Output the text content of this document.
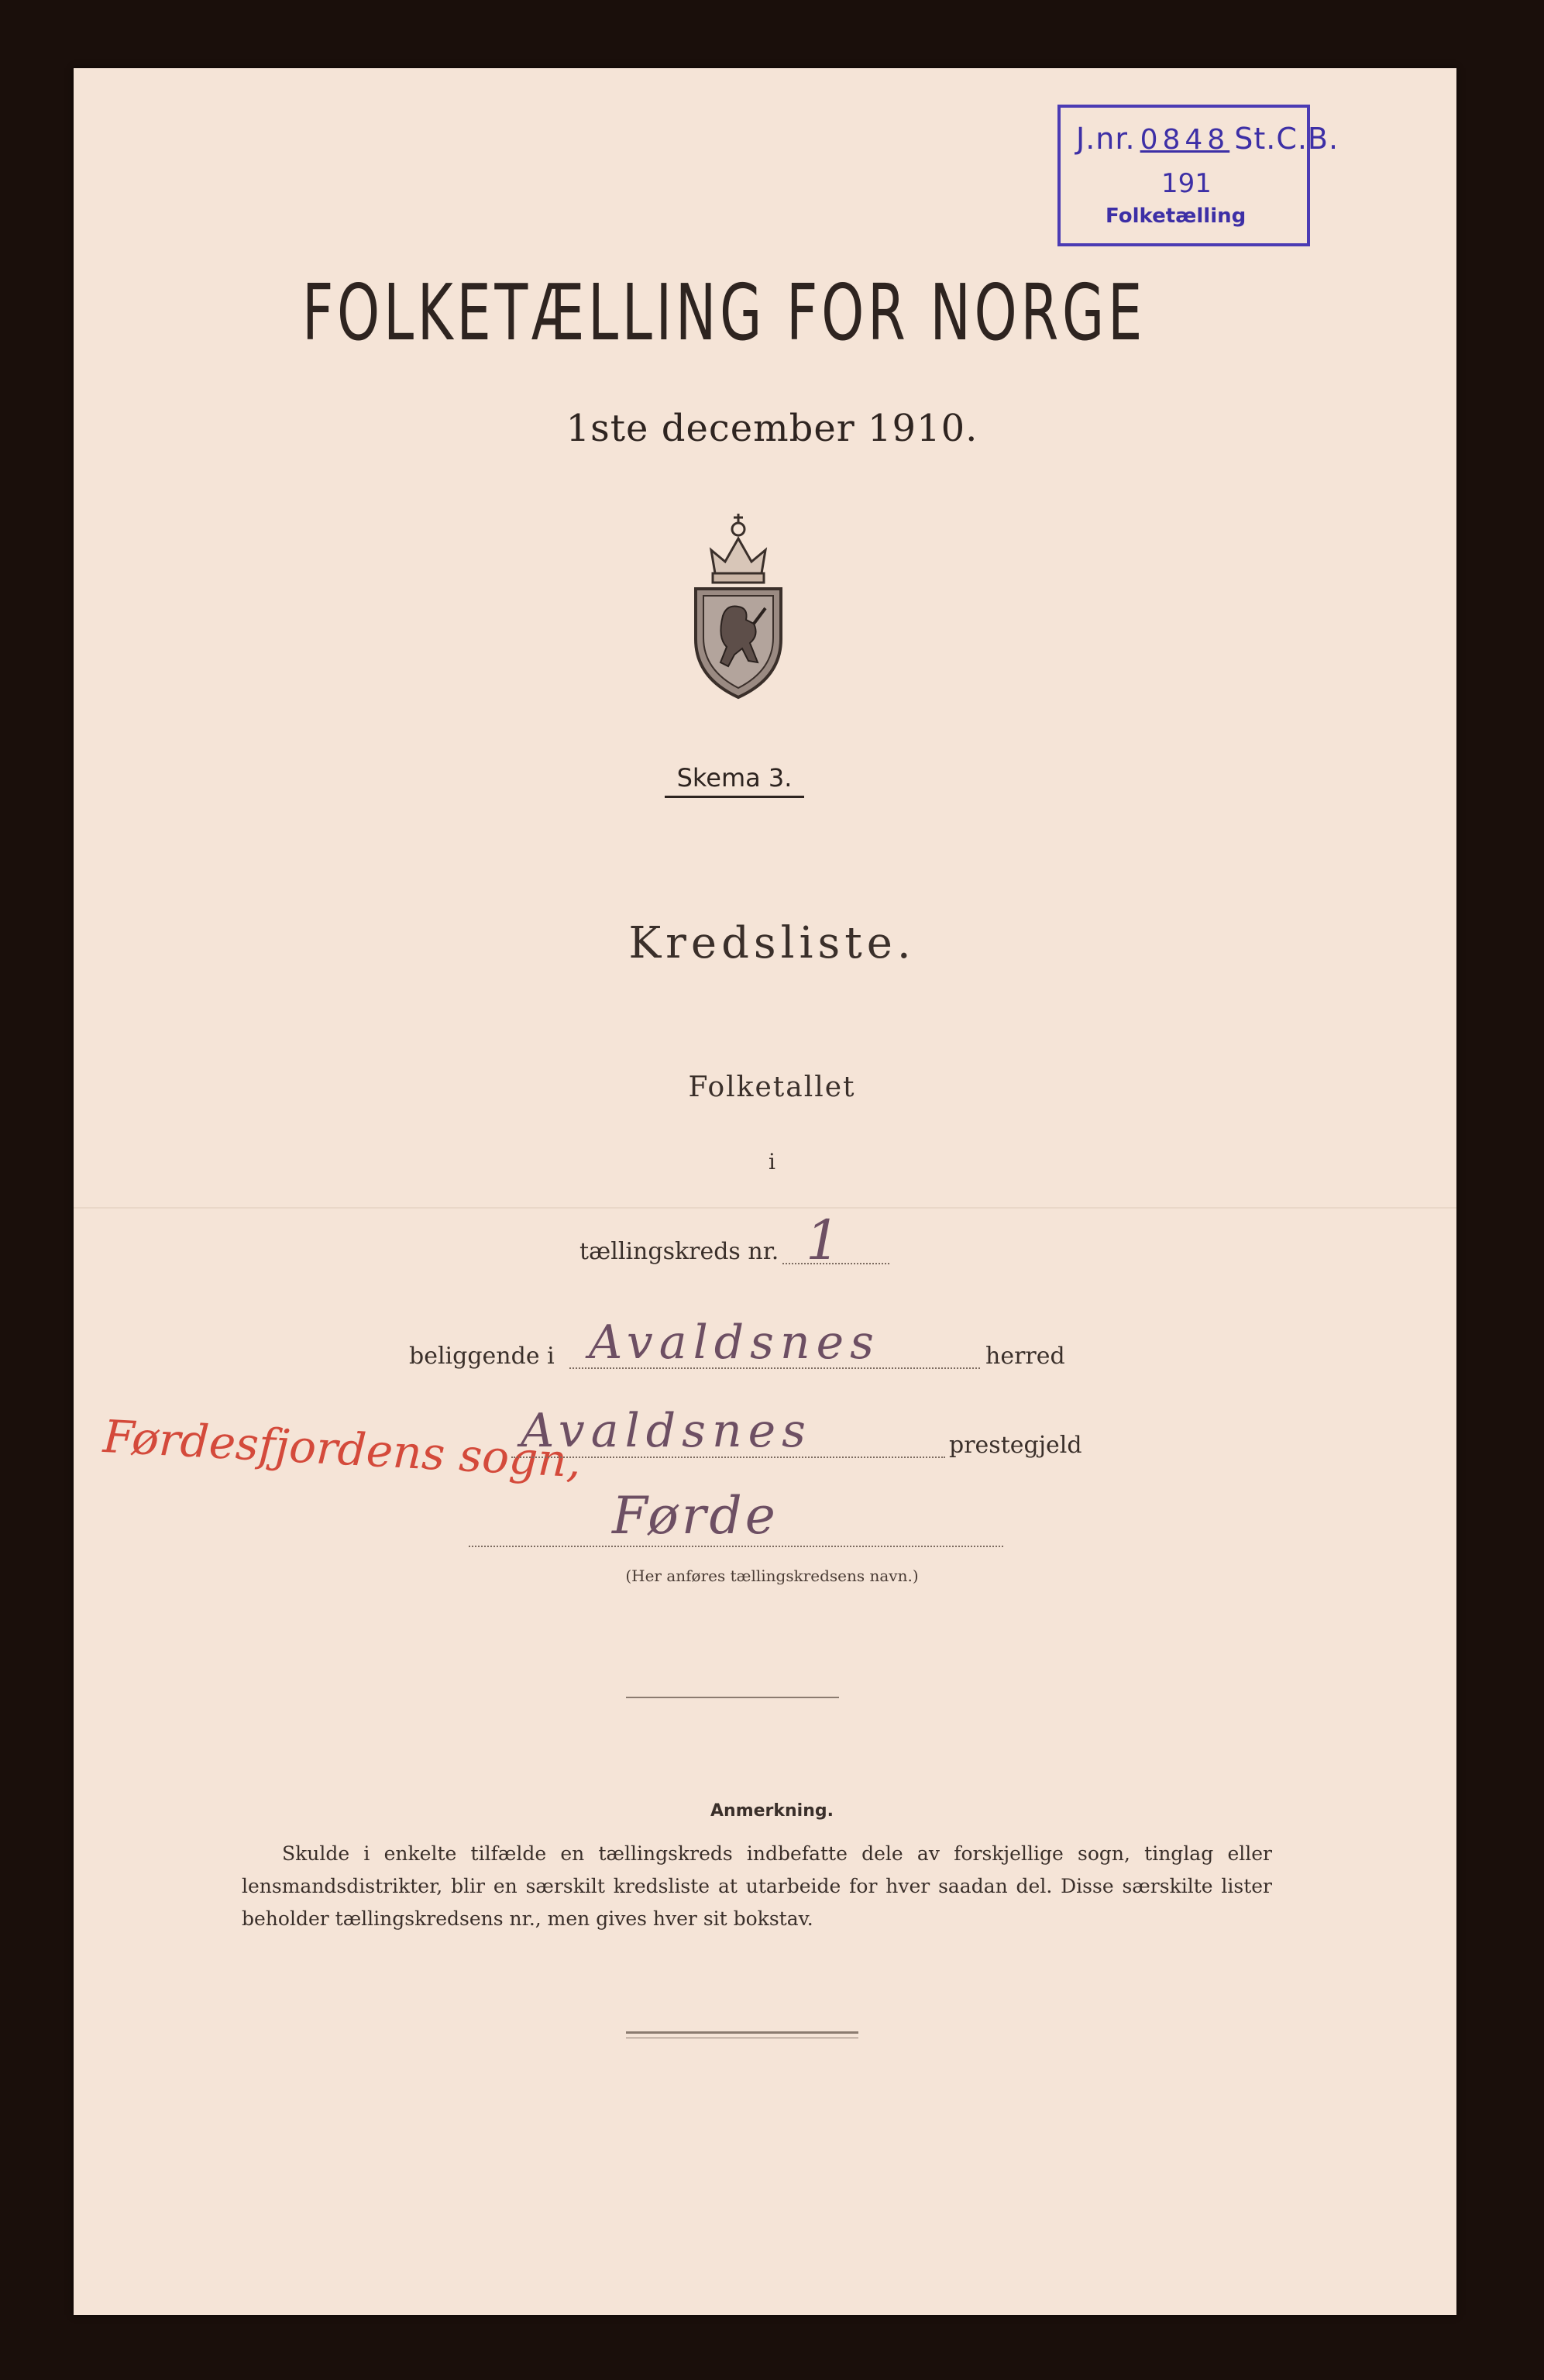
J.nr. 0848 St.C.B.
191
Folketælling
FOLKETÆLLING FOR NORGE
1ste december 1910.
Skema 3.
Kredsliste.
Folketallet
i
tællingskreds nr. 1
beliggende i Avaldsnes	herred
Førdesfjordens sogn,
Avaldsnes	prestegjeld
Førde
(Her anføres tællingskredsens navn.)
Anmerkning.
Skulde i enkelte tilfælde en tællingskreds indbefatte dele av forskjellige sogn, tinglag eller lensmandsdistrikter, blir en særskilt kredsliste at utarbeide for hver saadan del. Disse særskilte lister beholder tællingskredsens nr., men gives hver sit bokstav.
